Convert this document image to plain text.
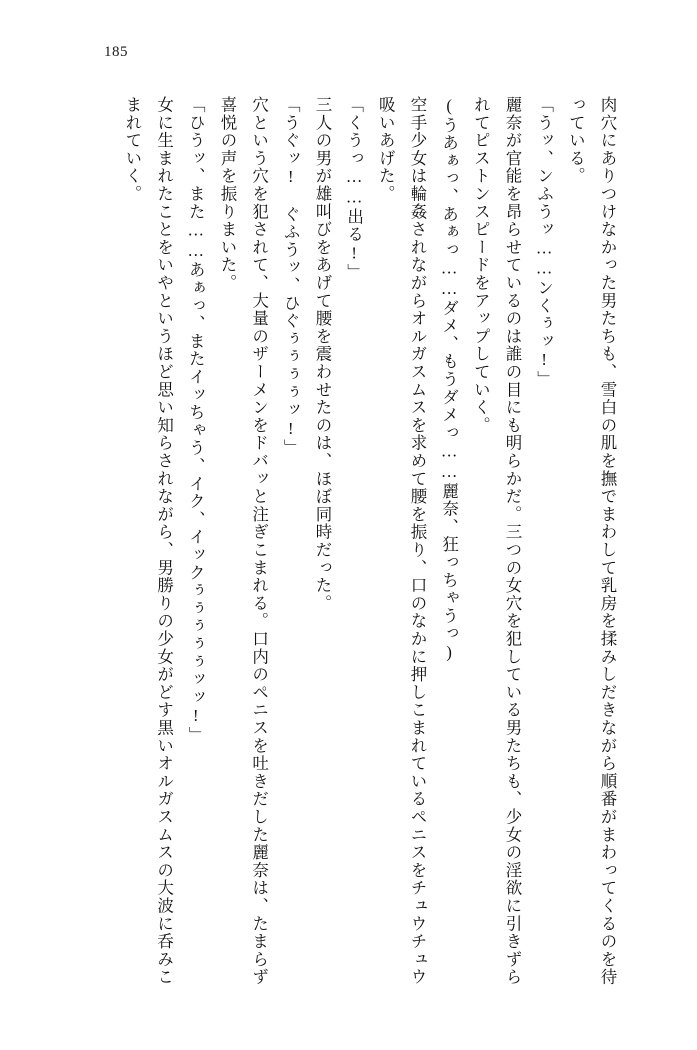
185

肉穴にありつけなかった男たちも、雪白の肌を撫でまわして乳房を揉みしだきながら順番がまわってくるのを待っている。

「うッ、ンふうッ……ンくぅッ!」

麗奈が官能を昂らせているのは誰の目にも明らかだ。三つの女穴を犯している男たちも、少女の淫欲に引きずられてピストンスピードをアップしていく。

(うあぁっ、あぁっ……ダメ、もうダメっ……麗奈、狂っちゃうっ)

空手少女は輪姦されながらオルガスムスを求めて腰を振り、口のなかに押しこまれているペニスをチュウチュウ吸いあげた。

「くうっ……出る!」

三人の男が雄叫びをあげて腰を震わせたのは、ほぼ同時だった。

「うぐッ!　ぐふうッ、ひぐぅぅぅぅッ!」

穴という穴を犯されて、大量のザーメンをドバッと注ぎこまれる。口内のペニスを吐きだした麗奈は、たまらず喜悦の声を振りまいた。

「ひうッ、また……あぁっ、またイッちゃう、イク、イックぅぅぅぅぅッッ!」

女に生まれたことをいやというほど思い知らされながら、男勝りの少女がどす黒いオルガスムスの大波に呑みこまれていく。
